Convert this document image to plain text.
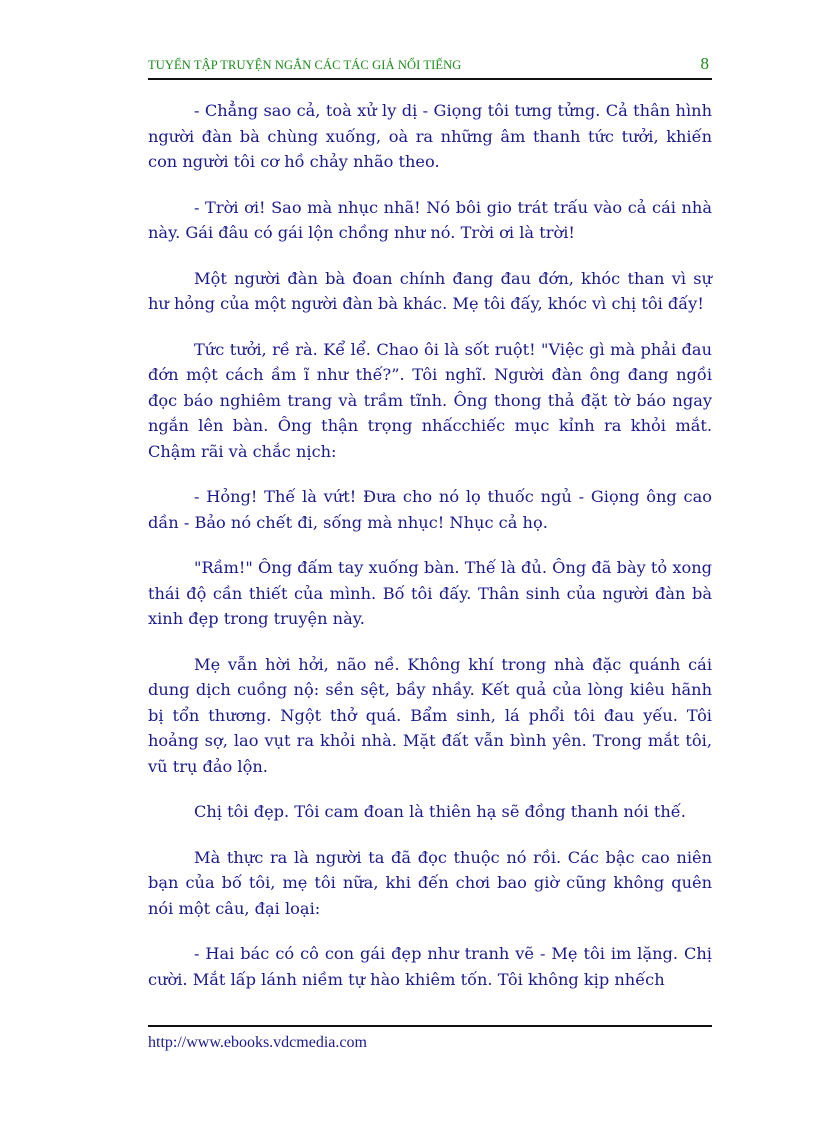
TUYỂN TẬP TRUYỆN NGẮN CÁC TÁC GIẢ NỔI TIẾNG	8

- Chẳng sao cả, toà xử ly dị - Giọng tôi tưng tửng. Cả thân hình người đàn bà chùng xuống, oà ra những âm thanh tức tưởi, khiến con người tôi cơ hồ chảy nhão theo.

- Trời ơi! Sao mà nhục nhã! Nó bôi gio trát trấu vào cả cái nhà này. Gái đâu có gái lộn chồng như nó. Trời ơi là trời!

Một người đàn bà đoan chính đang đau đớn, khóc than vì sự hư hỏng của một người đàn bà khác. Mẹ tôi đấy, khóc vì chị tôi đấy!

Tức tưởi, rề rà. Kể lể. Chao ôi là sốt ruột! "Việc gì mà phải đau đớn một cách ầm ĩ như thế?”. Tôi nghĩ. Người đàn ông đang ngồi đọc báo nghiêm trang và trầm tĩnh. Ông thong thả đặt tờ báo ngay ngắn lên bàn. Ông thận trọng nhấcchiếc mục kỉnh ra khỏi mắt. Chậm rãi và chắc nịch:

- Hỏng! Thế là vứt! Đưa cho nó lọ thuốc ngủ - Giọng ông cao dần - Bảo nó chết đi, sống mà nhục! Nhục cả họ.

"Rầm!" Ông đấm tay xuống bàn. Thế là đủ. Ông đã bày tỏ xong thái độ cần thiết của mình. Bố tôi đấy. Thân sinh của người đàn bà xinh đẹp trong truyện này.

Mẹ vẫn hời hởi, não nề. Không khí trong nhà đặc quánh cái dung dịch cuồng nộ: sền sệt, bầy nhầy. Kết quả của lòng kiêu hãnh bị tổn thương. Ngột thở quá. Bẩm sinh, lá phổi tôi đau yếu. Tôi hoảng sợ, lao vụt ra khỏi nhà. Mặt đất vẫn bình yên. Trong mắt tôi, vũ trụ đảo lộn.

Chị tôi đẹp. Tôi cam đoan là thiên hạ sẽ đồng thanh nói thế.

Mà thực ra là người ta đã đọc thuộc nó rồi. Các bậc cao niên bạn của bố tôi, mẹ tôi nữa, khi đến chơi bao giờ cũng không quên nói một câu, đại loại:

- Hai bác có cô con gái đẹp như tranh vẽ - Mẹ tôi im lặng. Chị cười. Mắt lấp lánh niềm tự hào khiêm tốn. Tôi không kịp nhếch

http://www.ebooks.vdcmedia.com
